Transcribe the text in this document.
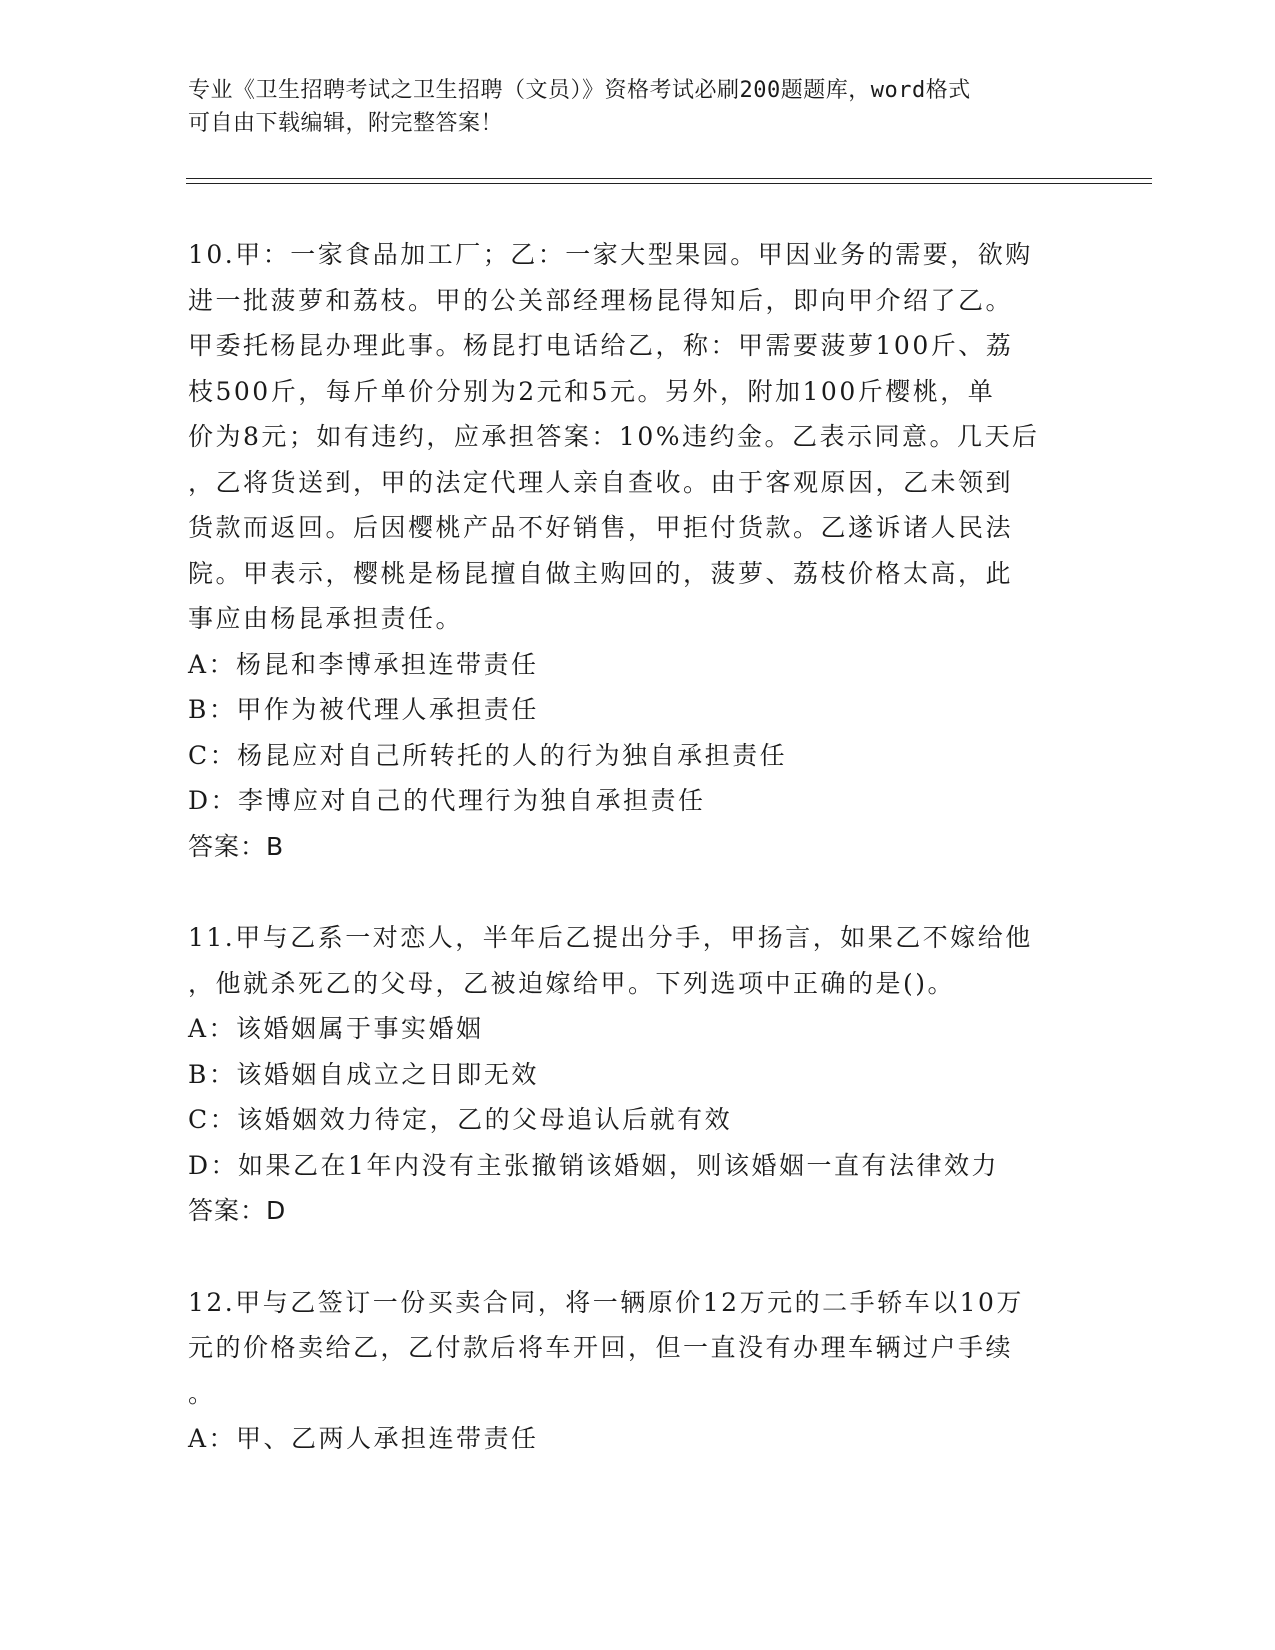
专业《卫生招聘考试之卫生招聘（文员）》资格考试必刷200题题库，word格式
可自由下载编辑，附完整答案！
10.甲：一家食品加工厂；乙：一家大型果园。甲因业务的需要，欲购
进一批菠萝和荔枝。甲的公关部经理杨昆得知后，即向甲介绍了乙。
甲委托杨昆办理此事。杨昆打电话给乙，称：甲需要菠萝100斤、荔
枝500斤，每斤单价分别为2元和5元。另外，附加100斤樱桃，单
价为8元；如有违约，应承担答案：10%违约金。乙表示同意。几天后
，乙将货送到，甲的法定代理人亲自查收。由于客观原因，乙未领到
货款而返回。后因樱桃产品不好销售，甲拒付货款。乙遂诉诸人民法
院。甲表示，樱桃是杨昆擅自做主购回的，菠萝、荔枝价格太高，此
事应由杨昆承担责任。
A：杨昆和李博承担连带责任
B：甲作为被代理人承担责任
C：杨昆应对自己所转托的人的行为独自承担责任
D：李博应对自己的代理行为独自承担责任
答案：B
11.甲与乙系一对恋人，半年后乙提出分手，甲扬言，如果乙不嫁给他
，他就杀死乙的父母，乙被迫嫁给甲。下列选项中正确的是()。
A：该婚姻属于事实婚姻
B：该婚姻自成立之日即无效
C：该婚姻效力待定，乙的父母追认后就有效
D：如果乙在1年内没有主张撤销该婚姻，则该婚姻一直有法律效力
答案：D
12.甲与乙签订一份买卖合同，将一辆原价12万元的二手轿车以10万
元的价格卖给乙，乙付款后将车开回，但一直没有办理车辆过户手续
。
A：甲、乙两人承担连带责任
